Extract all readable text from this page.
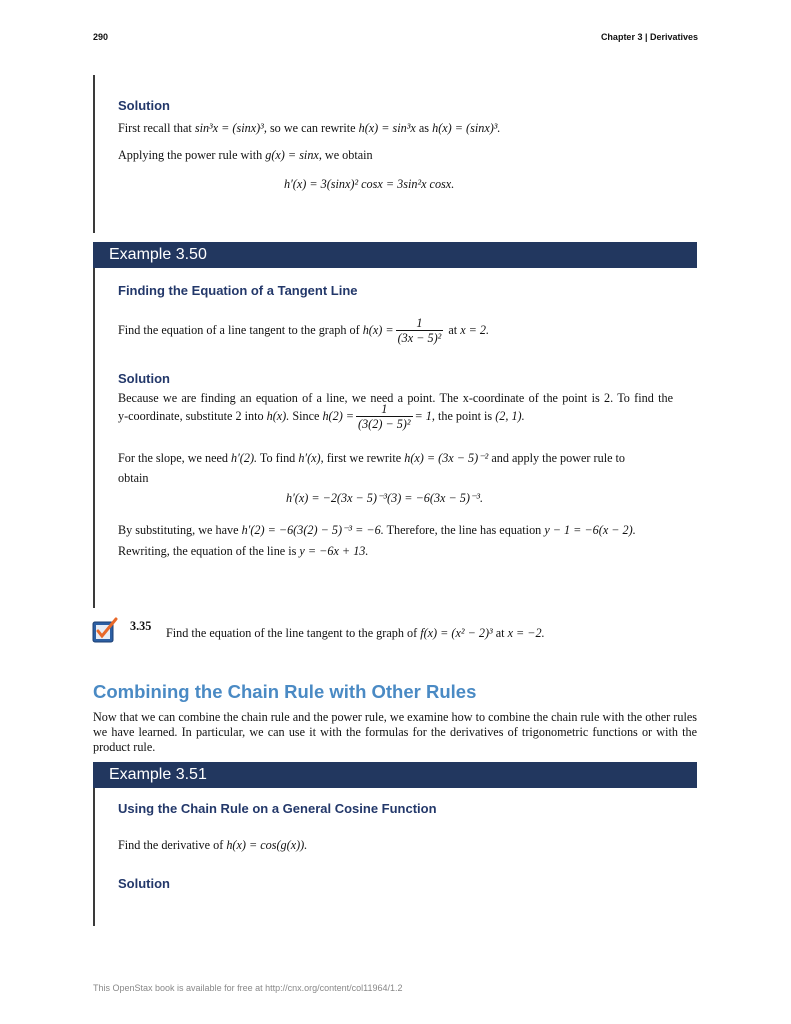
290	Chapter 3 | Derivatives
Solution
First recall that sin³x = (sinx)³, so we can rewrite h(x) = sin³x as h(x) = (sinx)³.
Applying the power rule with g(x) = sinx, we obtain
h′(x) = 3(sinx)² cosx = 3sin²x cosx.
Example 3.50
Finding the Equation of a Tangent Line
Find the equation of a line tangent to the graph of $h(x) = \frac{1}{\text{(3x − 5)²}}$ at x = 2.
Solution
Because we are finding an equation of a line, we need a point. The x-coordinate of the point is 2. To find the
y-coordinate, substitute 2 into h(x). Since $h(2) = \frac{1}{\text{(3(2) − 5)²}} = 1$, the point is (2, 1).
For the slope, we need h′(2). To find h′(x), first we rewrite h(x) = (3x − 5)⁻² and apply the power rule to
obtain
h′(x) = −2(3x − 5)⁻³(3) = −6(3x − 5)⁻³.
By substituting, we have h′(2) = −6(3(2) − 5)⁻³ = −6. Therefore, the line has equation y − 1 = −6(x − 2).
Rewriting, the equation of the line is y = −6x + 13.
3.35 Find the equation of the line tangent to the graph of f(x) = (x² − 2)³ at x = −2.
Combining the Chain Rule with Other Rules
Now that we can combine the chain rule and the power rule, we examine how to combine the chain rule with the other rules we have learned. In particular, we can use it with the formulas for the derivatives of trigonometric functions or with the product rule.
Example 3.51
Using the Chain Rule on a General Cosine Function
Find the derivative of h(x) = cos(g(x)).
Solution
This OpenStax book is available for free at http://cnx.org/content/col11964/1.2
